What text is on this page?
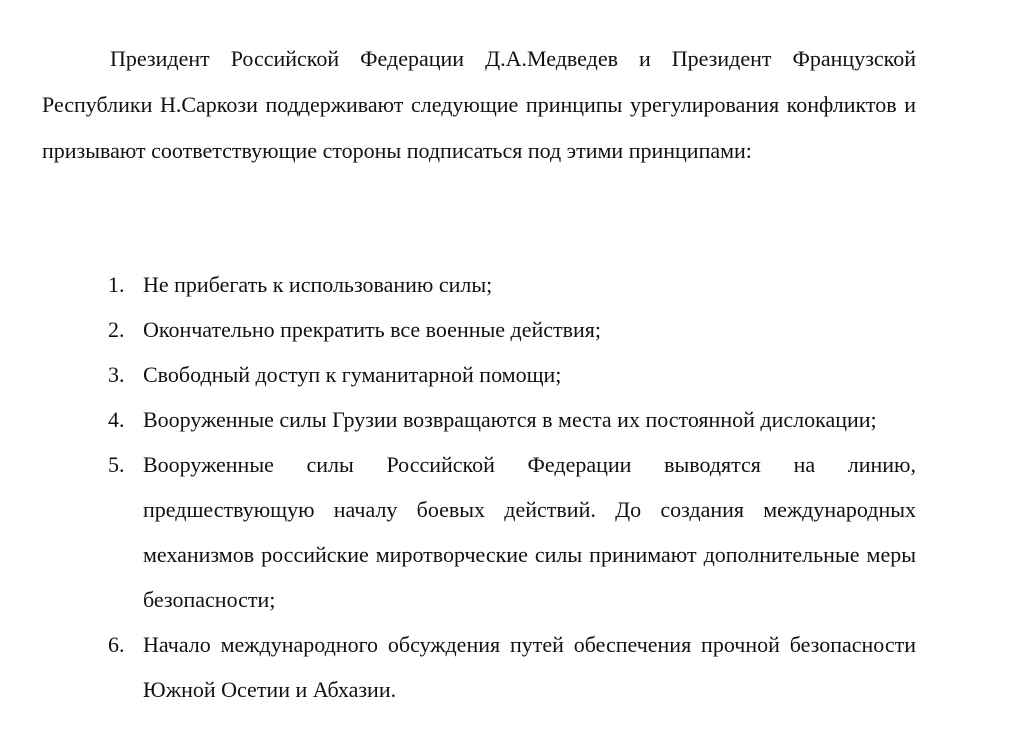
Президент Российской Федерации Д.А.Медведев и Президент Французской Республики Н.Саркози поддерживают следующие принципы урегулирования конфликтов и призывают соответствующие стороны подписаться под этими принципами:

1. Не прибегать к использованию силы;
2. Окончательно прекратить все военные действия;
3. Свободный доступ к гуманитарной помощи;
4. Вооруженные силы Грузии возвращаются в места их постоянной дислокации;
5. Вооруженные силы Российской Федерации выводятся на линию, предшествующую началу боевых действий. До создания международных механизмов российские миротворческие силы принимают дополнительные меры безопасности;
6. Начало международного обсуждения путей обеспечения прочной безопасности Южной Осетии и Абхазии.
